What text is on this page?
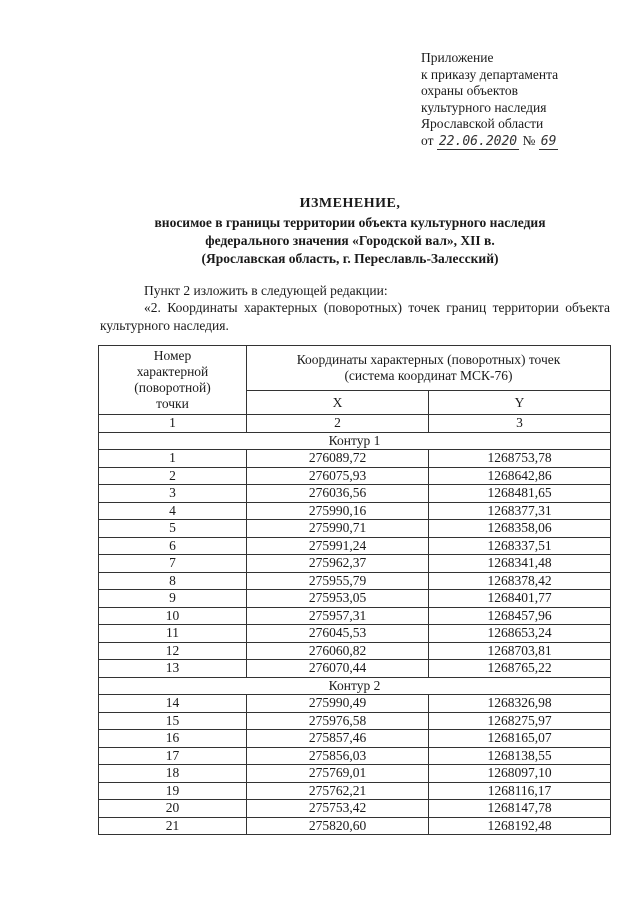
Приложение
к приказу департамента
охраны объектов
культурного наследия
Ярославской области
от 22.06.2020 № 69
ИЗМЕНЕНИЕ,
вносимое в границы территории объекта культурного наследия
федерального значения «Городской вал», XII в.
(Ярославская область, г. Переславль-Залесский)
Пункт 2 изложить в следующей редакции:
«2. Координаты характерных (поворотных) точек границ территории объекта культурного наследия.
Номер характерной (поворотной) точки	Координаты характерных (поворотных) точек
(система координат МСК-76)	

	X	Y
1	2	3
Контур 1		
1	276089,72	1268753,78
2	276075,93	1268642,86
3	276036,56	1268481,65
4	275990,16	1268377,31
5	275990,71	1268358,06
6	275991,24	1268337,51
7	275962,37	1268341,48
8	275955,79	1268378,42
9	275953,05	1268401,77
10	275957,31	1268457,96
11	276045,53	1268653,24
12	276060,82	1268703,81
13	276070,44	1268765,22
Контур 2		
14	275990,49	1268326,98
15	275976,58	1268275,97
16	275857,46	1268165,07
17	275856,03	1268138,55
18	275769,01	1268097,10
19	275762,21	1268116,17
20	275753,42	1268147,78
21	275820,60	1268192,48
